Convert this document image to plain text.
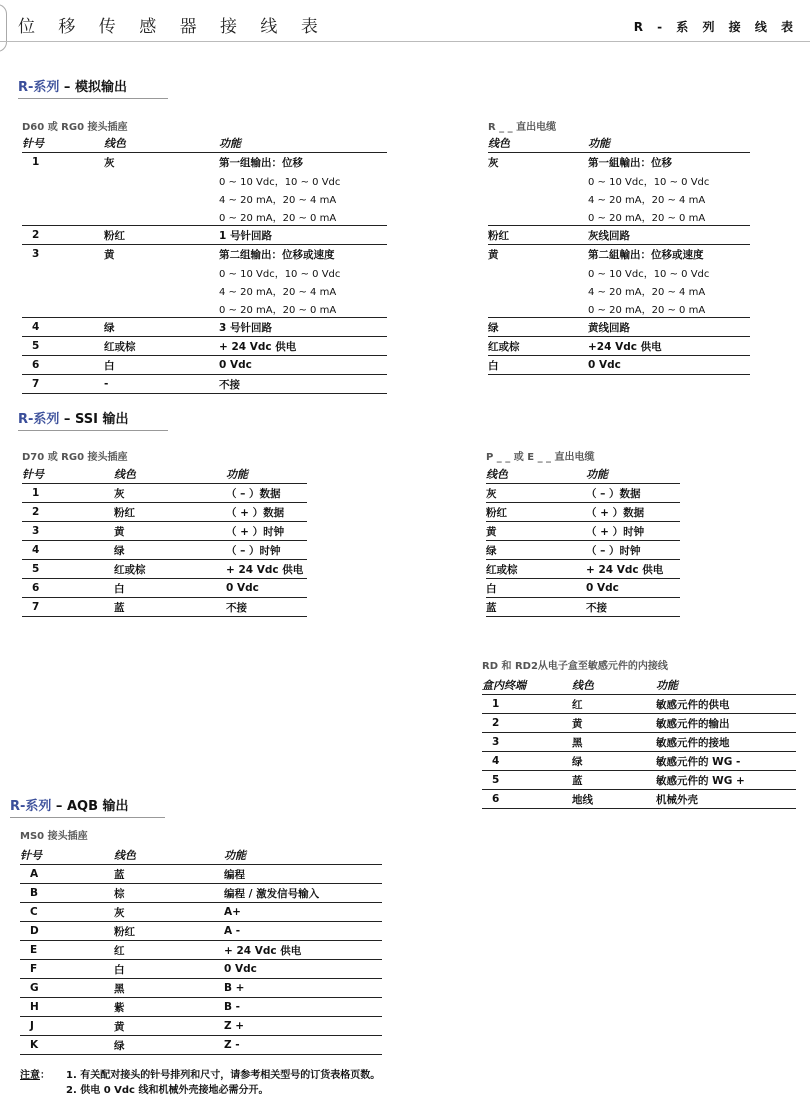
位 移 传 感 器 接 线 表	R - 系 列 接 线 表
R-系列 – 模拟输出
D60 或 RG0 接头插座
针号	线色	功能
1	灰	第一组输出：位移
		0 ~ 10 Vdc，10 ~ 0 Vdc
		4 ~ 20 mA，20 ~ 4 mA
		0 ~ 20 mA，20 ~ 0 mA
2	粉红	1 号针回路
3	黄	第二组输出：位移或速度
		0 ~ 10 Vdc，10 ~ 0 Vdc
		4 ~ 20 mA，20 ~ 4 mA
		0 ~ 20 mA，20 ~ 0 mA
4	绿	3 号针回路
5	红或棕	+ 24 Vdc 供电
6	白	0 Vdc
7	-	不接
R _ _ 直出电缆
线色	功能
灰	第一組輸出：位移
	0 ~ 10 Vdc，10 ~ 0 Vdc
	4 ~ 20 mA，20 ~ 4 mA
	0 ~ 20 mA，20 ~ 0 mA
粉红	灰线回路
黄	第二組輸出：位移或速度
	0 ~ 10 Vdc，10 ~ 0 Vdc
	4 ~ 20 mA，20 ~ 4 mA
	0 ~ 20 mA，20 ~ 0 mA
绿	黄线回路
红或棕	+24 Vdc 供电
白	0 Vdc
R-系列 – SSI 输出
D70 或 RG0 接头插座
针号	线色	功能
1	灰	（ – ）数据
2	粉红	（ + ）数据
3	黄	（ + ）时钟
4	绿	（ – ）时钟
5	红或棕	+ 24 Vdc 供电
6	白	0 Vdc
7	蓝	不接
P _ _ 或 E _ _ 直出电缆
线色	功能
灰	（ – ）数据
粉红	（ + ）数据
黄	（ + ）时钟
绿	（ – ）时钟
红或棕	+ 24 Vdc 供电
白	0 Vdc
蓝	不接
RD 和 RD2从电子盒至敏感元件的内接线
盒内终端	线色	功能
1	红	敏感元件的供电
2	黄	敏感元件的输出
3	黑	敏感元件的接地
4	绿	敏感元件的 WG -
5	蓝	敏感元件的 WG +
6	地线	机械外壳
R-系列 – AQB 输出
MS0 接头插座
针号	线色	功能
A	蓝	编程
B	棕	编程 / 激发信号输入
C	灰	A+
D	粉红	A -
E	红	+ 24 Vdc 供电
F	白	0 Vdc
G	黑	B +
H	紫	B -
J	黄	Z +
K	绿	Z -
注意： 1. 有关配对接头的针号排列和尺寸，请参考相关型号的订货表格页数。
2. 供电 0 Vdc 线和机械外壳接地必需分开。
